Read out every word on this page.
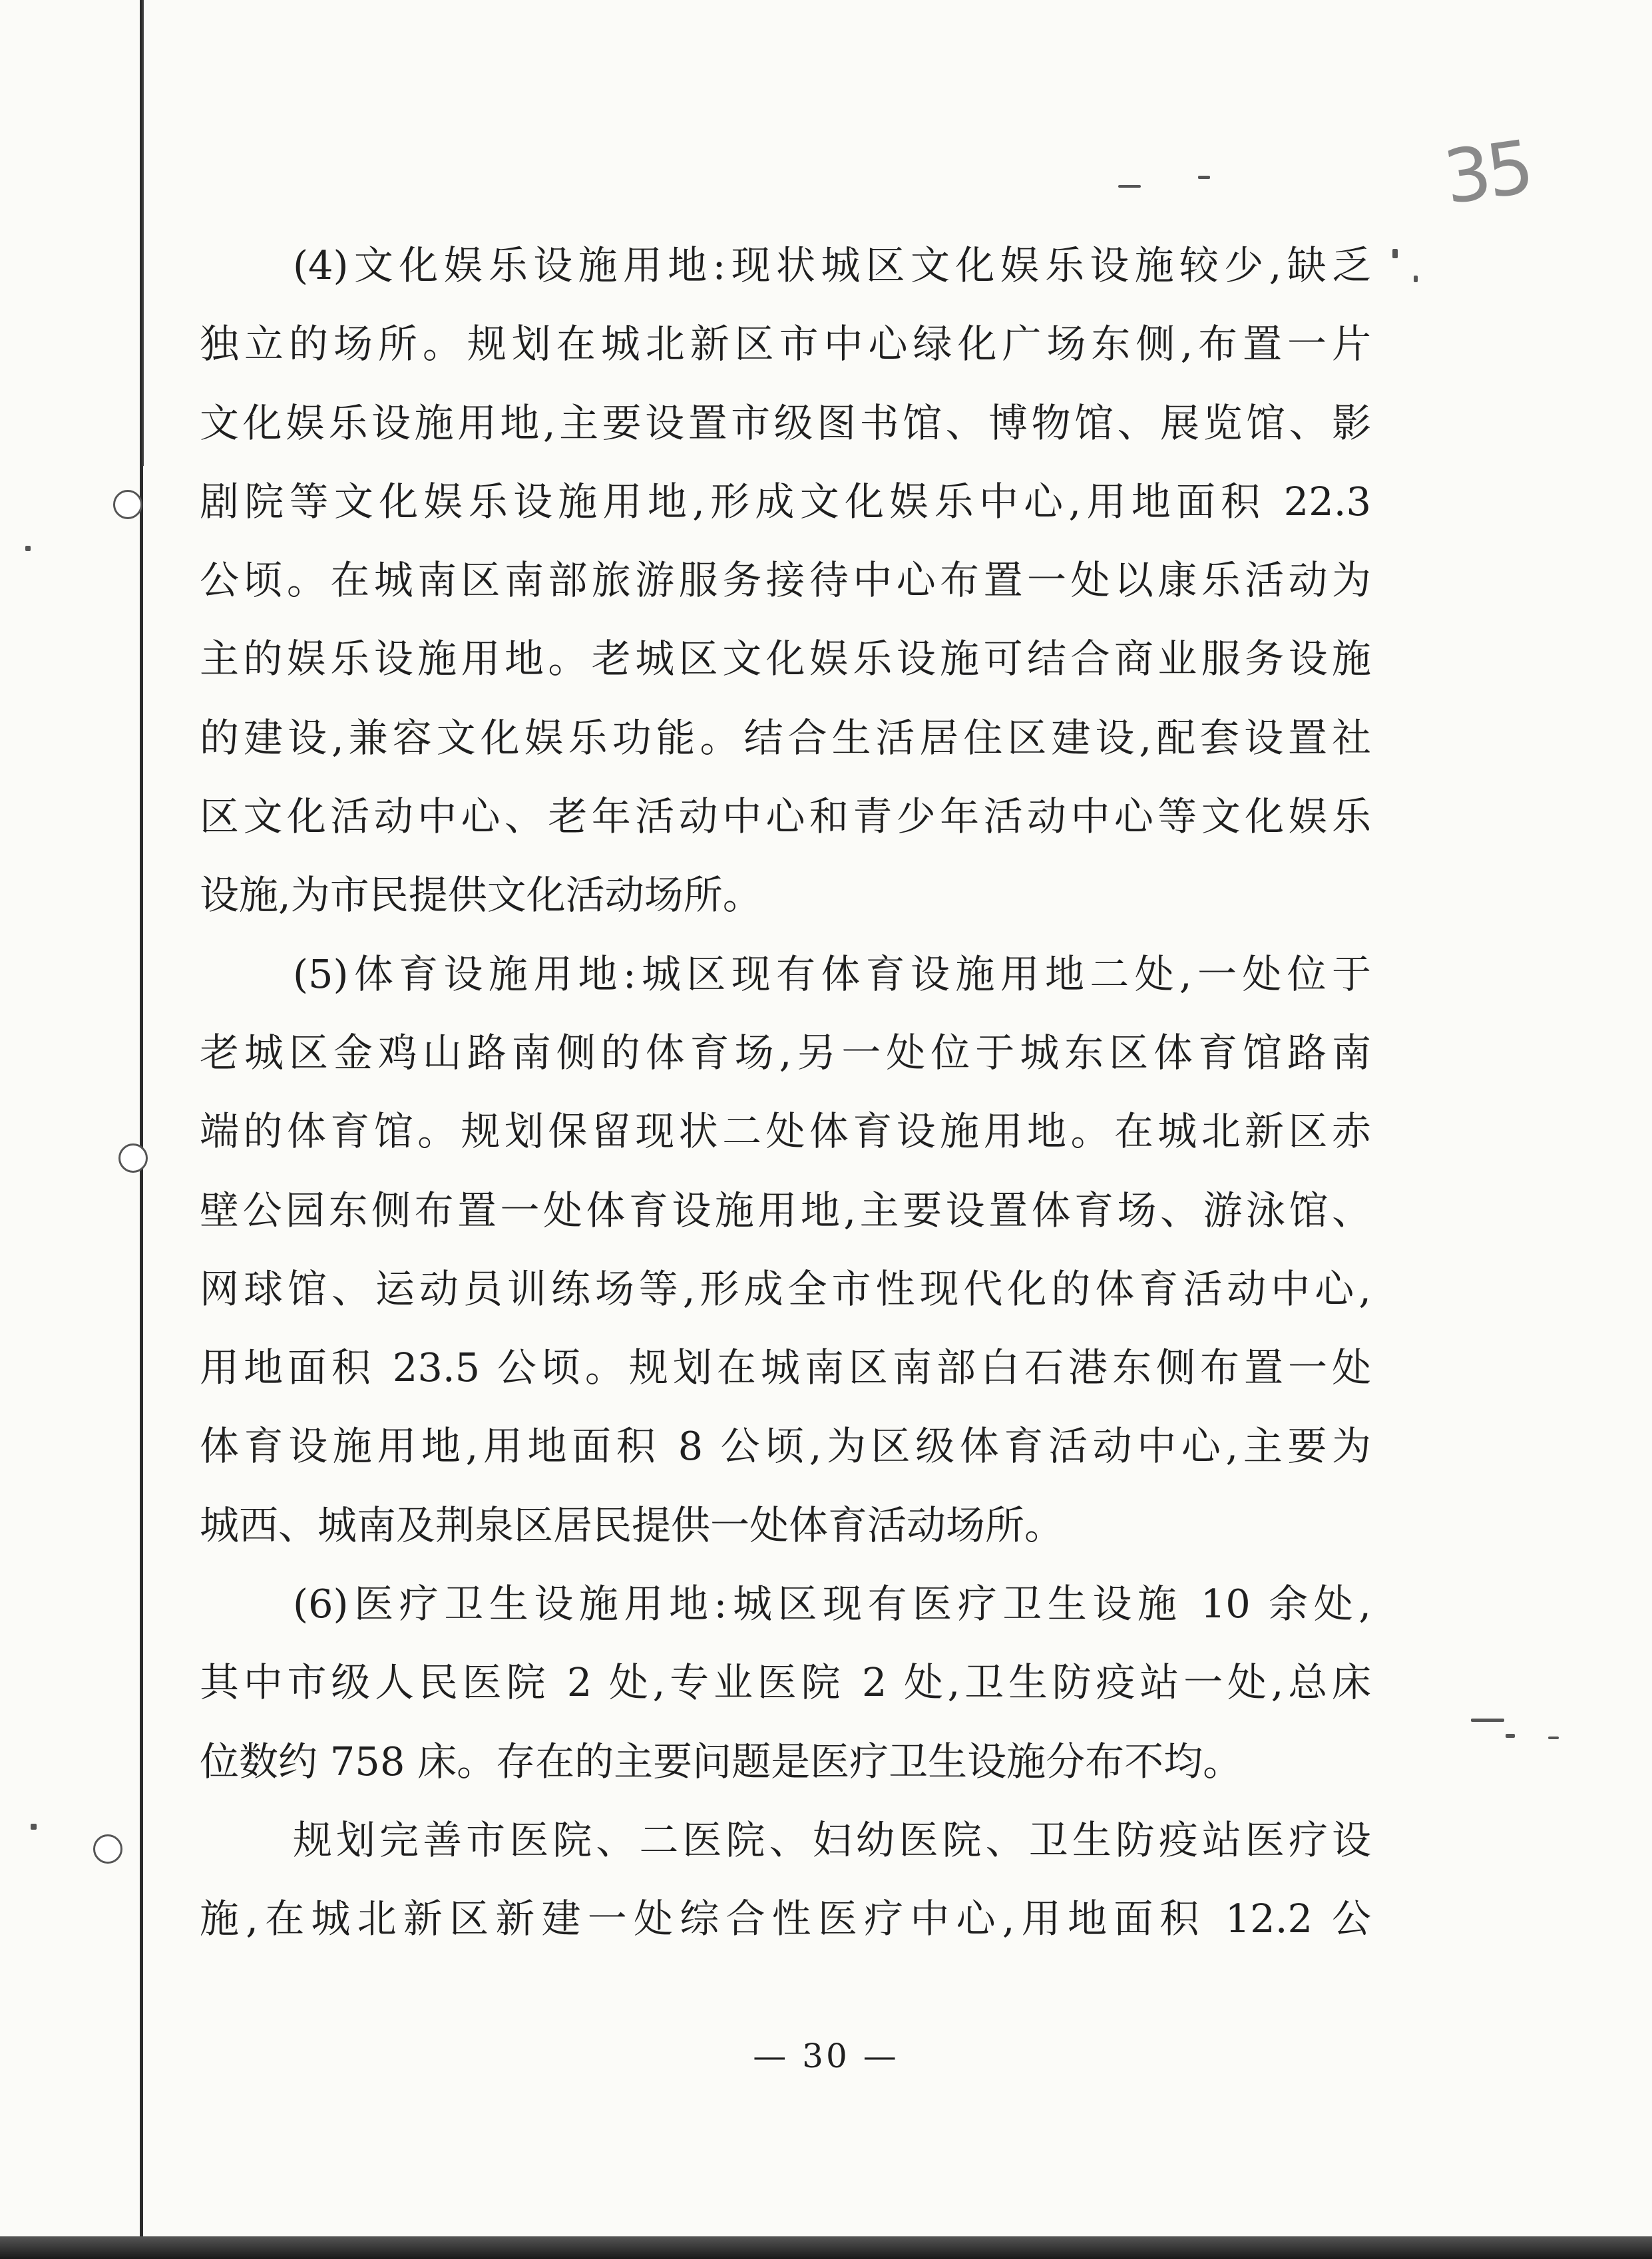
35
(4)文化娱乐设施用地:现状城区文化娱乐设施较少,缺乏
独立的场所。规划在城北新区市中心绿化广场东侧,布置一片
文化娱乐设施用地,主要设置市级图书馆、博物馆、展览馆、影
剧院等文化娱乐设施用地,形成文化娱乐中心,用地面积 22.3
公顷。在城南区南部旅游服务接待中心布置一处以康乐活动为
主的娱乐设施用地。老城区文化娱乐设施可结合商业服务设施
的建设,兼容文化娱乐功能。结合生活居住区建设,配套设置社
区文化活动中心、老年活动中心和青少年活动中心等文化娱乐
设施,为市民提供文化活动场所。
(5)体育设施用地:城区现有体育设施用地二处,一处位于
老城区金鸡山路南侧的体育场,另一处位于城东区体育馆路南
端的体育馆。规划保留现状二处体育设施用地。在城北新区赤
壁公园东侧布置一处体育设施用地,主要设置体育场、游泳馆、
网球馆、运动员训练场等,形成全市性现代化的体育活动中心,
用地面积 23.5 公顷。规划在城南区南部白石港东侧布置一处
体育设施用地,用地面积 8 公顷,为区级体育活动中心,主要为
城西、城南及荆泉区居民提供一处体育活动场所。
(6)医疗卫生设施用地:城区现有医疗卫生设施 10 余处,
其中市级人民医院 2 处,专业医院 2 处,卫生防疫站一处,总床
位数约 758 床。存在的主要问题是医疗卫生设施分布不均。
规划完善市医院、二医院、妇幼医院、卫生防疫站医疗设
施,在城北新区新建一处综合性医疗中心,用地面积 12.2 公
— 30 —
